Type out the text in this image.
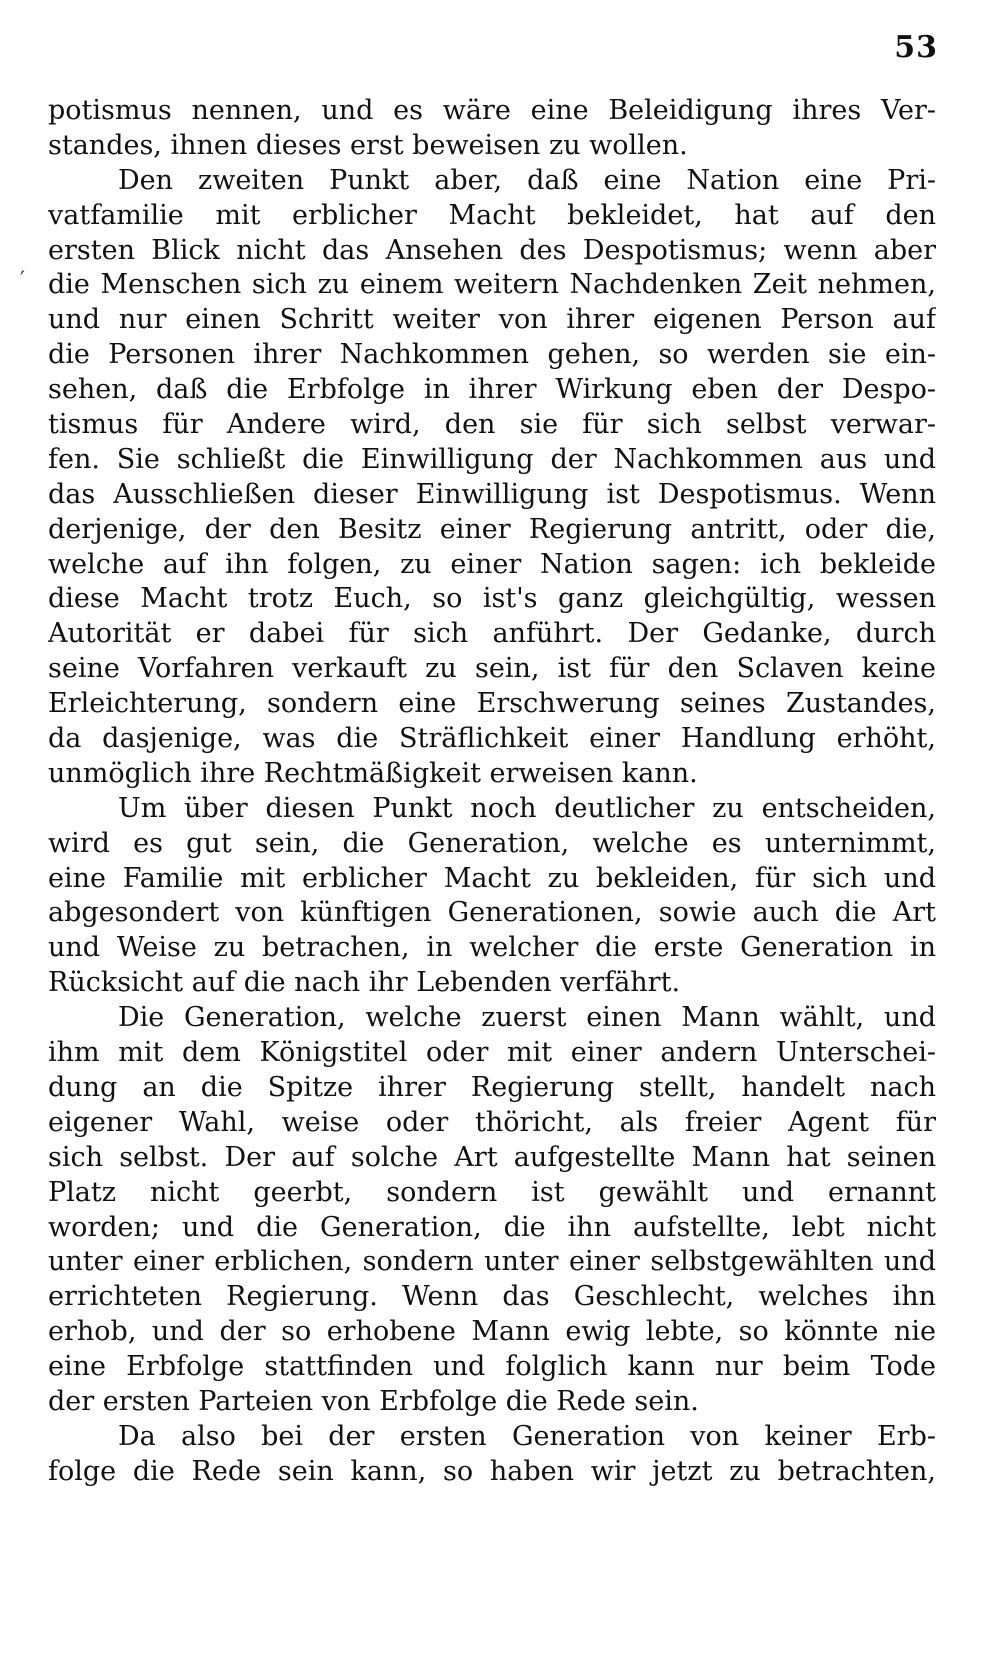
53
′
potismus nennen, und es wäre eine Beleidigung ihres Ver-
standes, ihnen dieses erst beweisen zu wollen.
Den zweiten Punkt aber, daß eine Nation eine Pri-
vatfamilie mit erblicher Macht bekleidet, hat auf den
ersten Blick nicht das Ansehen des Despotismus; wenn aber
die Menschen sich zu einem weitern Nachdenken Zeit nehmen,
und nur einen Schritt weiter von ihrer eigenen Person auf
die Personen ihrer Nachkommen gehen, so werden sie ein-
sehen, daß die Erbfolge in ihrer Wirkung eben der Despo-
tismus für Andere wird, den sie für sich selbst verwar-
fen. Sie schließt die Einwilligung der Nachkommen aus und
das Ausschließen dieser Einwilligung ist Despotismus. Wenn
derjenige, der den Besitz einer Regierung antritt, oder die,
welche auf ihn folgen, zu einer Nation sagen: ich bekleide
diese Macht trotz Euch, so ist's ganz gleichgültig, wessen
Autorität er dabei für sich anführt. Der Gedanke, durch
seine Vorfahren verkauft zu sein, ist für den Sclaven keine
Erleichterung, sondern eine Erschwerung seines Zustandes,
da dasjenige, was die Sträflichkeit einer Handlung erhöht,
unmöglich ihre Rechtmäßigkeit erweisen kann.
Um über diesen Punkt noch deutlicher zu entscheiden,
wird es gut sein, die Generation, welche es unternimmt,
eine Familie mit erblicher Macht zu bekleiden, für sich und
abgesondert von künftigen Generationen, sowie auch die Art
und Weise zu betrachen, in welcher die erste Generation in
Rücksicht auf die nach ihr Lebenden verfährt.
Die Generation, welche zuerst einen Mann wählt, und
ihm mit dem Königstitel oder mit einer andern Unterschei-
dung an die Spitze ihrer Regierung stellt, handelt nach
eigener Wahl, weise oder thöricht, als freier Agent für
sich selbst. Der auf solche Art aufgestellte Mann hat seinen
Platz nicht geerbt, sondern ist gewählt und ernannt
worden; und die Generation, die ihn aufstellte, lebt nicht
unter einer erblichen, sondern unter einer selbstgewählten und
errichteten Regierung. Wenn das Geschlecht, welches ihn
erhob, und der so erhobene Mann ewig lebte, so könnte nie
eine Erbfolge stattfinden und folglich kann nur beim Tode
der ersten Parteien von Erbfolge die Rede sein.
Da also bei der ersten Generation von keiner Erb-
folge die Rede sein kann, so haben wir jetzt zu betrachten,
